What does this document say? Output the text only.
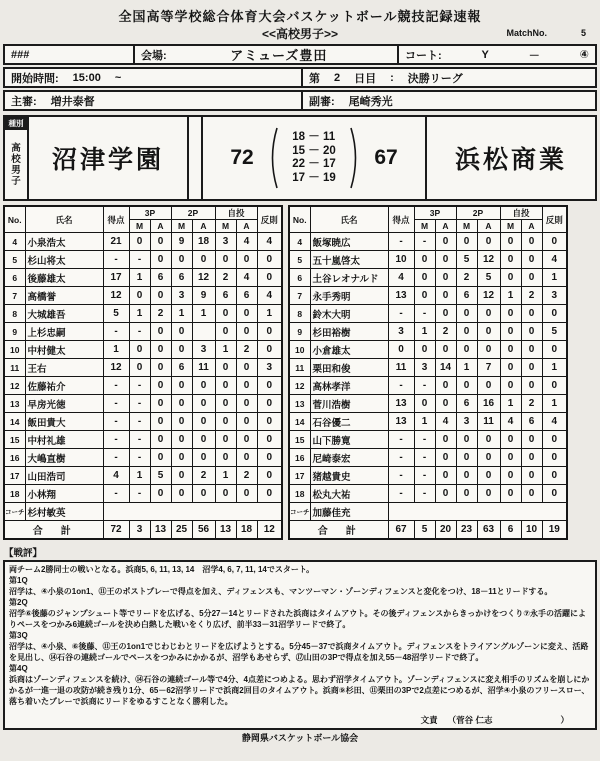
全国高等学校総合体育大会バスケットボール競技記録速報
<<高校男子>>	MatchNo.	5
###	会場:	アミューズ豊田	コート:	Y	－	④
開始時間: 15:00 ~	第 2 日目 : 決勝リーグ
主審: 増井泰督	副審: 尾崎秀光
種別
高
校
男
子
沼津学園	72
18 － 11
15 － 20
22 － 17
17 － 19
67	浜松商業
No.	氏名	得点	3P		2P		自投		反則
			M	A	M	A	M	A	
4	小泉浩太	21	0	0	9	18	3	4	4
5	杉山将太	-	-	0	0	0	0	0	0
6	後藤雄太	17	1	6	6	12	2	4	0
7	高橋誉	12	0	0	3	9	6	6	4
8	大城雄吾	5	1	2	1	1	0	0	1
9	上杉忠嗣	-	-	0	0		0	0	0
10	中村健太	1	0	0	0	3	1	2	0
11	王右	12	0	0	6	11	0	0	3
12	佐藤祐介	-	-	0	0	0	0	0	0
13	早房光徳	-	-	0	0	0	0	0	0
14	飯田貴大	-	-	0	0	0	0	0	0
15	中村礼雄	-	-	0	0	0	0	0	0
16	大嶋直樹	-	-	0	0	0	0	0	0
17	山田浩司	4	1	5	0	2	1	2	0
18	小林翔	-	-	0	0	0	0	0	0
コーチ	杉村敏英								
合　計		72	3	13	25	56	13	18	12
No.	氏名	得点	3P		2P		自投		反則
			M	A	M	A	M	A	
4	飯塚暁広	-	-	0	0	0	0	0	0
5	五十嵐啓太	10	0	0	5	12	0	0	4
6	土谷レオナルド	4	0	0	2	5	0	0	1
7	永手秀明	13	0	0	6	12	1	2	3
8	鈴木大明	-	-	0	0	0	0	0	0
9	杉田裕樹	3	1	2	0	0	0	0	5
10	小倉雄太	0	0	0	0	0	0	0	0
11	栗田和俊	11	3	14	1	7	0	0	1
12	高林孝洋	-	-	0	0	0	0	0	0
13	菅川浩樹	13	0	0	6	16	1	2	1
14	石谷優二	13	1	4	3	11	4	6	4
15	山下勝寛	-	-	0	0	0	0	0	0
16	尼崎泰宏	-	-	0	0	0	0	0	0
17	猪越貴史	-	-	0	0	0	0	0	0
18	松丸大祐	-	-	0	0	0	0	0	0
コーチ	加藤佳充								
合　計		67	5	20	23	63	6	10	19
【戦評】
両チーム2勝同士の戦いとなる。浜商5, 6, 11, 13, 14　沼学4, 6, 7, 11, 14でスタート。
第1Q
沼学は、④小泉の1on1、⑪王のポストプレーで得点を加え、ディフェンスも、マンツーマン・ゾーンディフェンスと変化をつけ、18－11とリードする。
第2Q
沼学⑥後藤のジャンプシュート等でリードを広げる、5分27－14とリードされた浜商はタイムアウト。その後ディフェンスからきっかけをつくり⑦永手の活躍によりペースをつかみ6連続ゴールを決め白熱した戦いをくり広げ、前半33－31沼学リードで終了。
第3Q
沼学は、④小泉、⑥後藤、⑪王の1on1でじわじわとリードを広げようとする。5分45－37で浜商タイムアウト。ディフェンスをトライアングルゾーンに変え、活路を見出し、⑭石谷の連続ゴールでペースをつかみにかかるが、沼学もあせらず、⑰山田の3Pで得点を加え55－48沼学リードで終了。
第4Q
浜商はゾーンディフェンスを続け、⑭石谷の連続ゴール等で4分、4点差につめよる。思わず沼学タイムアウト。ゾーンディフェンスに変え相手のリズムを崩しにかかるが一進一退の攻防が続き残り1分、65－62沼学リードで浜商2回目のタイムアウト。浜商⑨杉田、⑪栗田の3Pで2点差につめるが、沼学④小泉のフリースロー、落ち着いたプレーで浜商にリードをゆるすことなく勝利した。
文責 （菅谷 仁志　　　　　　　　）
静岡県バスケットボール協会
